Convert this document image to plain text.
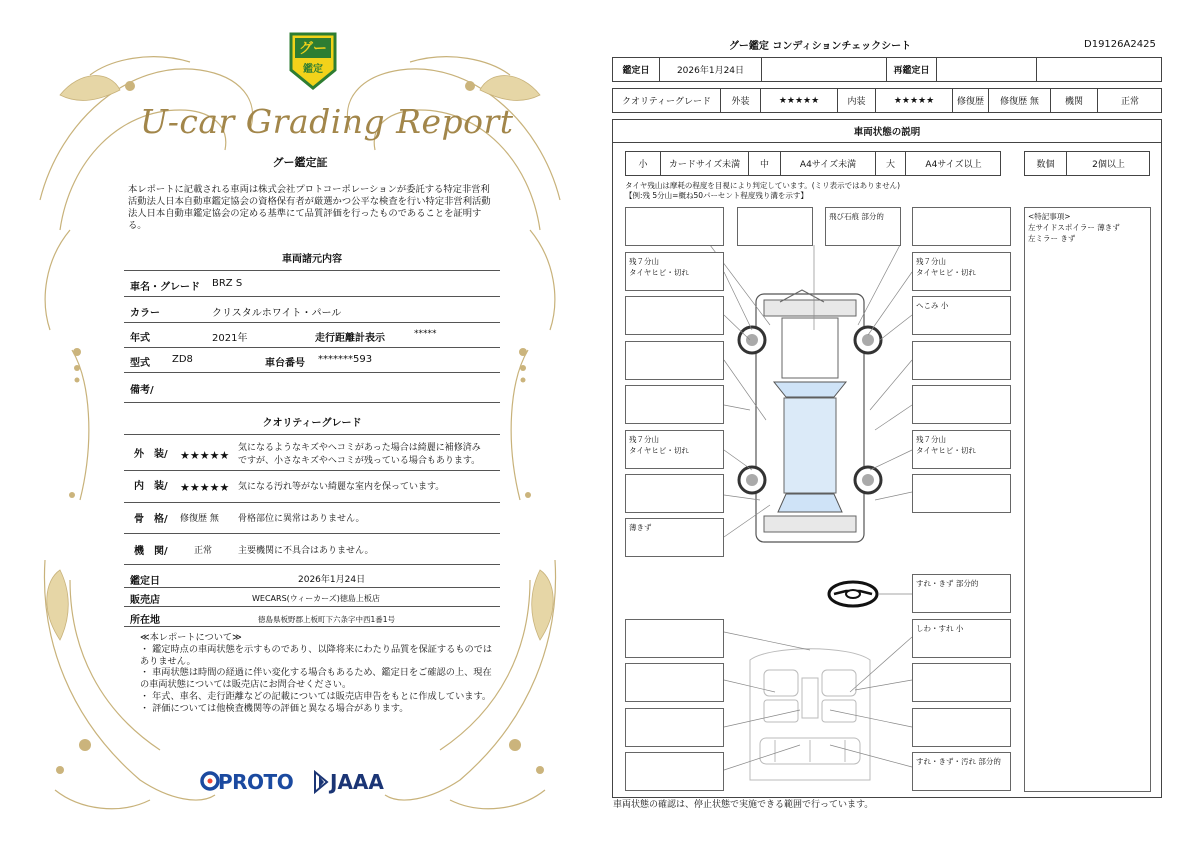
グー
鑑定
U-car Grading Report
グー鑑定証
本レポートに記載される車両は株式会社プロトコーポレーションが委託する特定非営利活動法人日本自動車鑑定協会の資格保有者が厳選かつ公平な検査を行い特定非営利活動法人日本自動車鑑定協会の定める基準にて品質評価を行ったものであることを証明する。
車両諸元内容
車名・グレード BRZ S
カラー	クリスタルホワイト・パール
年式	2021年	走行距離計表示	*****
型式 ZD8	車台番号 *******593
備考/
クオリティーグレード
外　装/ ★★★★★
気になるようなキズやヘコミがあった場合は綺麗に補修済み
ですが、小さなキズやヘコミが残っている場合もあります。
内　装/ ★★★★★ 気になる汚れ等がない綺麗な室内を保っています。
骨　格/ 修復歴 無 骨格部位に異常はありません。
機　関/	正常	主要機関に不具合はありません。
鑑定日	2026年1月24日
販売店	WECARS(ウィーカーズ)徳島上板店
所在地	徳島県板野郡上板町下六条字中西1番1号

≪本レポートについて≫

・ 鑑定時点の車両状態を示すものであり、以降将来にわたり品質を保証するものではありません。

・ 車両状態は時間の経過に伴い変化する場合もあるため、鑑定日をご確認の上、現在の車両状態については販売店にお問合せください。

・ 年式、車名、走行距離などの記載については販売店申告をもとに作成しています。

・ 評価については他検査機関等の評価と異なる場合があります。

PROTO JAAA
グー鑑定 コンディションチェックシート	D19126A2425
鑑定日	2026年1月24日	再鑑定日
クオリティーグレード	外装	★★★★★	内装	★★★★★	修復歴	修復歴 無	機関	正常
車両状態の説明
小	カードサイズ未満	中	A4サイズ未満	大	A4サイズ以上	数個	2個以上
タイヤ残山は摩耗の程度を目視により判定しています。(ミリ表示ではありません)
【例:残 5分山=概ね50パーセント程度残り溝を示す】
<特記事項>
左サイドスポイラー 薄きず
左ミラー きず
残７分山
タイヤヒビ・切れ
残７分山
タイヤヒビ・切れ
薄きず
飛び石痕 部分的
残７分山
タイヤヒビ・切れ
へこみ 小
残７分山
タイヤヒビ・切れ
すれ・きず 部分的
しわ・すれ 小
すれ・きず・汚れ 部分的
車両状態の確認は、停止状態で実施できる範囲で行っています。
